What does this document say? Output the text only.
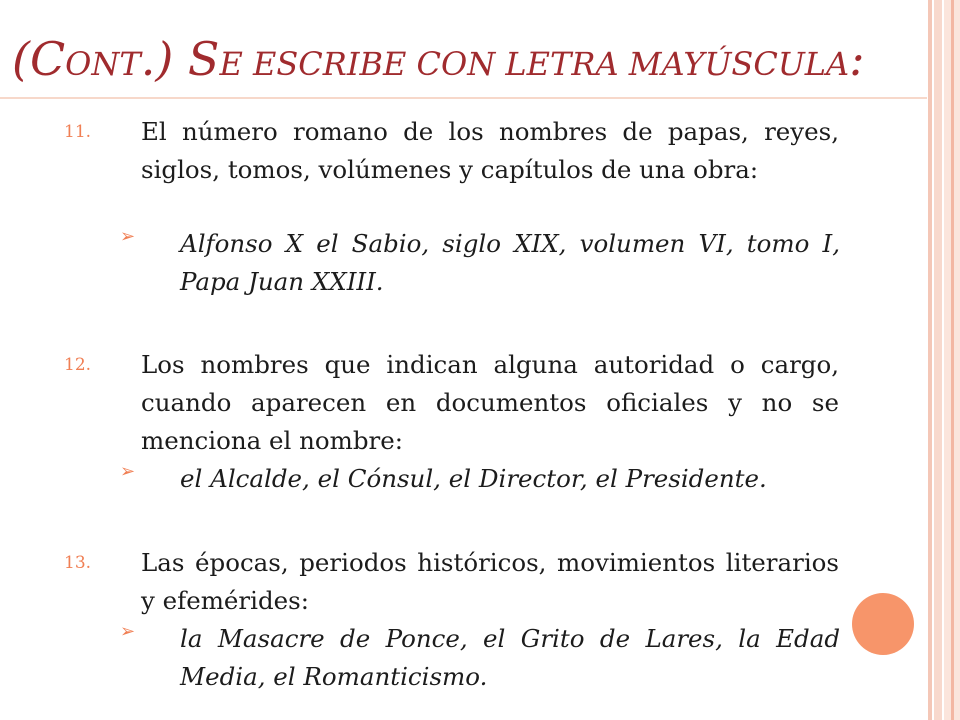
(CONT.) SE ESCRIBE CON LETRA MAYÚSCULA:
11. El número romano de los nombres de papas, reyes, siglos, tomos, volúmenes y capítulos de una obra:
➢ Alfonso X el Sabio, siglo XIX, volumen VI, tomo I, Papa Juan XXIII.
12. Los nombres que indican alguna autoridad o cargo, cuando aparecen en documentos oficiales y no se menciona el nombre:
➢ el Alcalde, el Cónsul, el Director, el Presidente.
13. Las épocas, periodos históricos, movimientos literarios y efemérides:
➢ la Masacre de Ponce, el Grito de Lares, la Edad Media, el Romanticismo.
